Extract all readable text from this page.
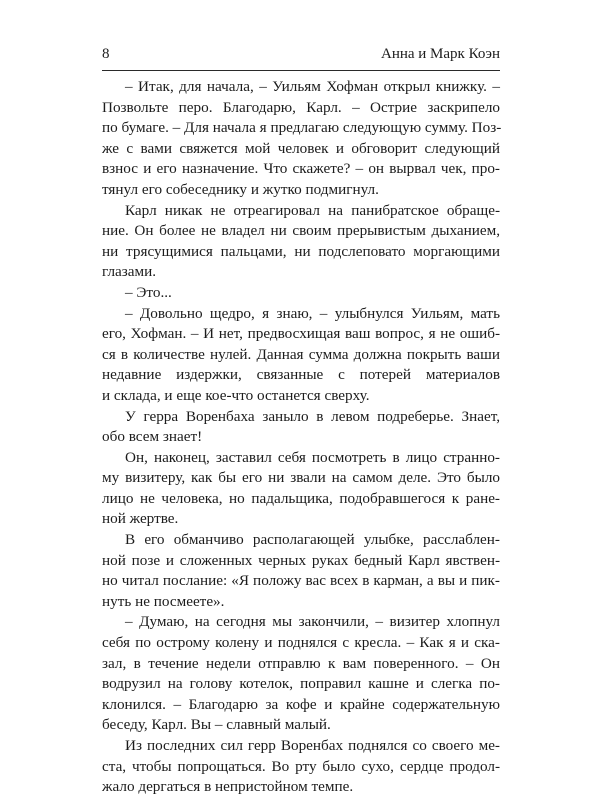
8	Анна и Марк Коэн
– Итак, для начала, – Уильям Хофман открыл книжку. –
Позвольте перо. Благодарю, Карл. – Острие заскрипело
по бумаге. – Для начала я предлагаю следующую сумму. Поз-
же с вами свяжется мой человек и обговорит следующий
взнос и его назначение. Что скажете? – он вырвал чек, про-
тянул его собеседнику и жутко подмигнул.
Карл никак не отреагировал на панибратское обраще-
ние. Он более не владел ни своим прерывистым дыханием,
ни трясущимися пальцами, ни подслеповато моргающими
глазами.
– Это...
– Довольно щедро, я знаю, – улыбнулся Уильям, мать
его, Хофман. – И нет, предвосхищая ваш вопрос, я не ошиб-
ся в количестве нулей. Данная сумма должна покрыть ваши
недавние издержки, связанные с потерей материалов
и склада, и еще кое-что останется сверху.
У герра Воренбаха заныло в левом подреберье. Знает,
обо всем знает!
Он, наконец, заставил себя посмотреть в лицо странно-
му визитеру, как бы его ни звали на самом деле. Это было
лицо не человека, но падальщика, подобравшегося к ране-
ной жертве.
В его обманчиво располагающей улыбке, расслаблен-
ной позе и сложенных черных руках бедный Карл явствен-
но читал послание: «Я положу вас всех в карман, а вы и пик-
нуть не посмеете».
– Думаю, на сегодня мы закончили, – визитер хлопнул
себя по острому колену и поднялся с кресла. – Как я и ска-
зал, в течение недели отправлю к вам поверенного. – Он
водрузил на голову котелок, поправил кашне и слегка по-
клонился. – Благодарю за кофе и крайне содержательную
беседу, Карл. Вы – славный малый.
Из последних сил герр Воренбах поднялся со своего ме-
ста, чтобы попрощаться. Во рту было сухо, сердце продол-
жало дергаться в непристойном темпе.
